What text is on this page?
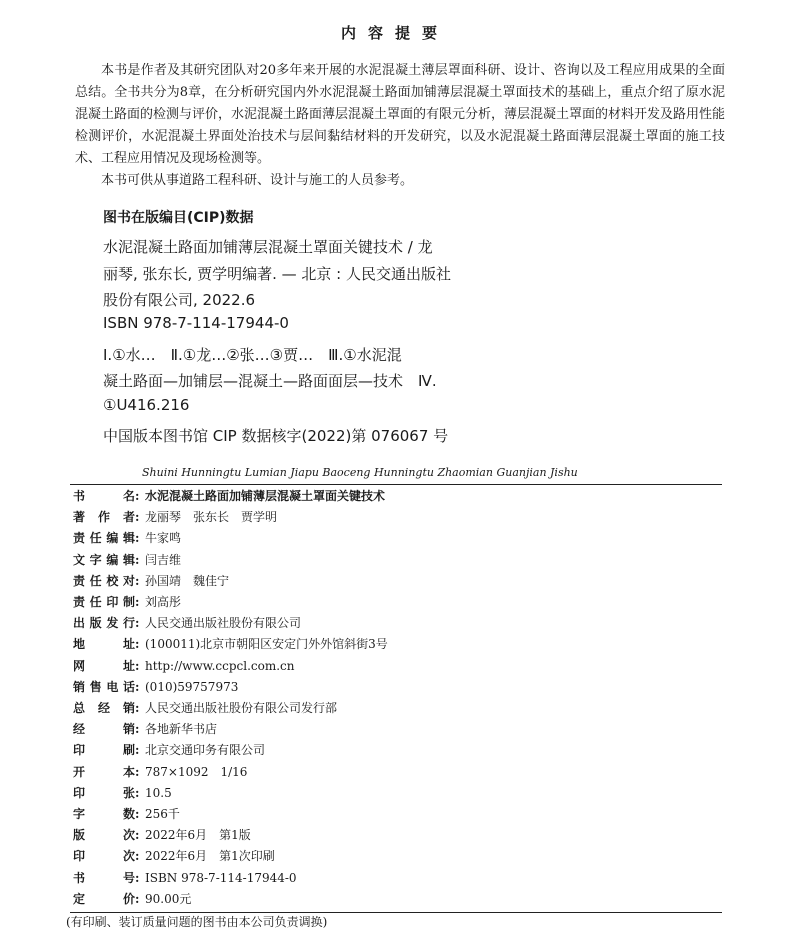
内容提要
本书是作者及其研究团队对20多年来开展的水泥混凝土薄层罩面科研、设计、咨询以及工程应用成果的全面总结。全书共分为8章，在分析研究国内外水泥混凝土路面加铺薄层混凝土罩面技术的基础上，重点介绍了原水泥混凝土路面的检测与评价，水泥混凝土路面薄层混凝土罩面的有限元分析，薄层混凝土罩面的材料开发及路用性能检测评价，水泥混凝土界面处治技术与层间黏结材料的开发研究，以及水泥混凝土路面薄层混凝土罩面的施工技术、工程应用情况及现场检测等。
本书可供从事道路工程科研、设计与施工的人员参考。
图书在版编目(CIP)数据
水泥混凝土路面加铺薄层混凝土罩面关键技术 / 龙
丽琴, 张东长, 贾学明编著. — 北京 : 人民交通出版社
股份有限公司, 2022.6
ISBN 978-7-114-17944-0
Ⅰ.①水…　Ⅱ.①龙…②张…③贾…　Ⅲ.①水泥混
凝土路面—加铺层—混凝土—路面面层—技术　Ⅳ.
①U416.216
中国版本图书馆 CIP 数据核字(2022)第 076067 号
Shuini Hunningtu Lumian Jiapu Baoceng Hunningtu Zhaomian Guanjian Jishu
书名 : 水泥混凝土路面加铺薄层混凝土罩面关键技术
著作者 : 龙丽琴　张东长　贾学明
责任编辑 : 牛家鸣
文字编辑 : 闫吉维
责任校对 : 孙国靖　魏佳宁
责任印制 : 刘高彤
出版发行 : 人民交通出版社股份有限公司
地址 : (100011)北京市朝阳区安定门外外馆斜街3号
网址 : http://www.ccpcl.com.cn
销售电话 : (010)59757973
总经销 : 人民交通出版社股份有限公司发行部
经销 : 各地新华书店
印刷 : 北京交通印务有限公司
开本 : 787×1092　1/16
印张 : 10.5
字数 : 256千
版次 : 2022年6月　第1版
印次 : 2022年6月　第1次印刷
书号 : ISBN 978-7-114-17944-0
定价 : 90.00元
(有印刷、装订质量问题的图书由本公司负责调换)
